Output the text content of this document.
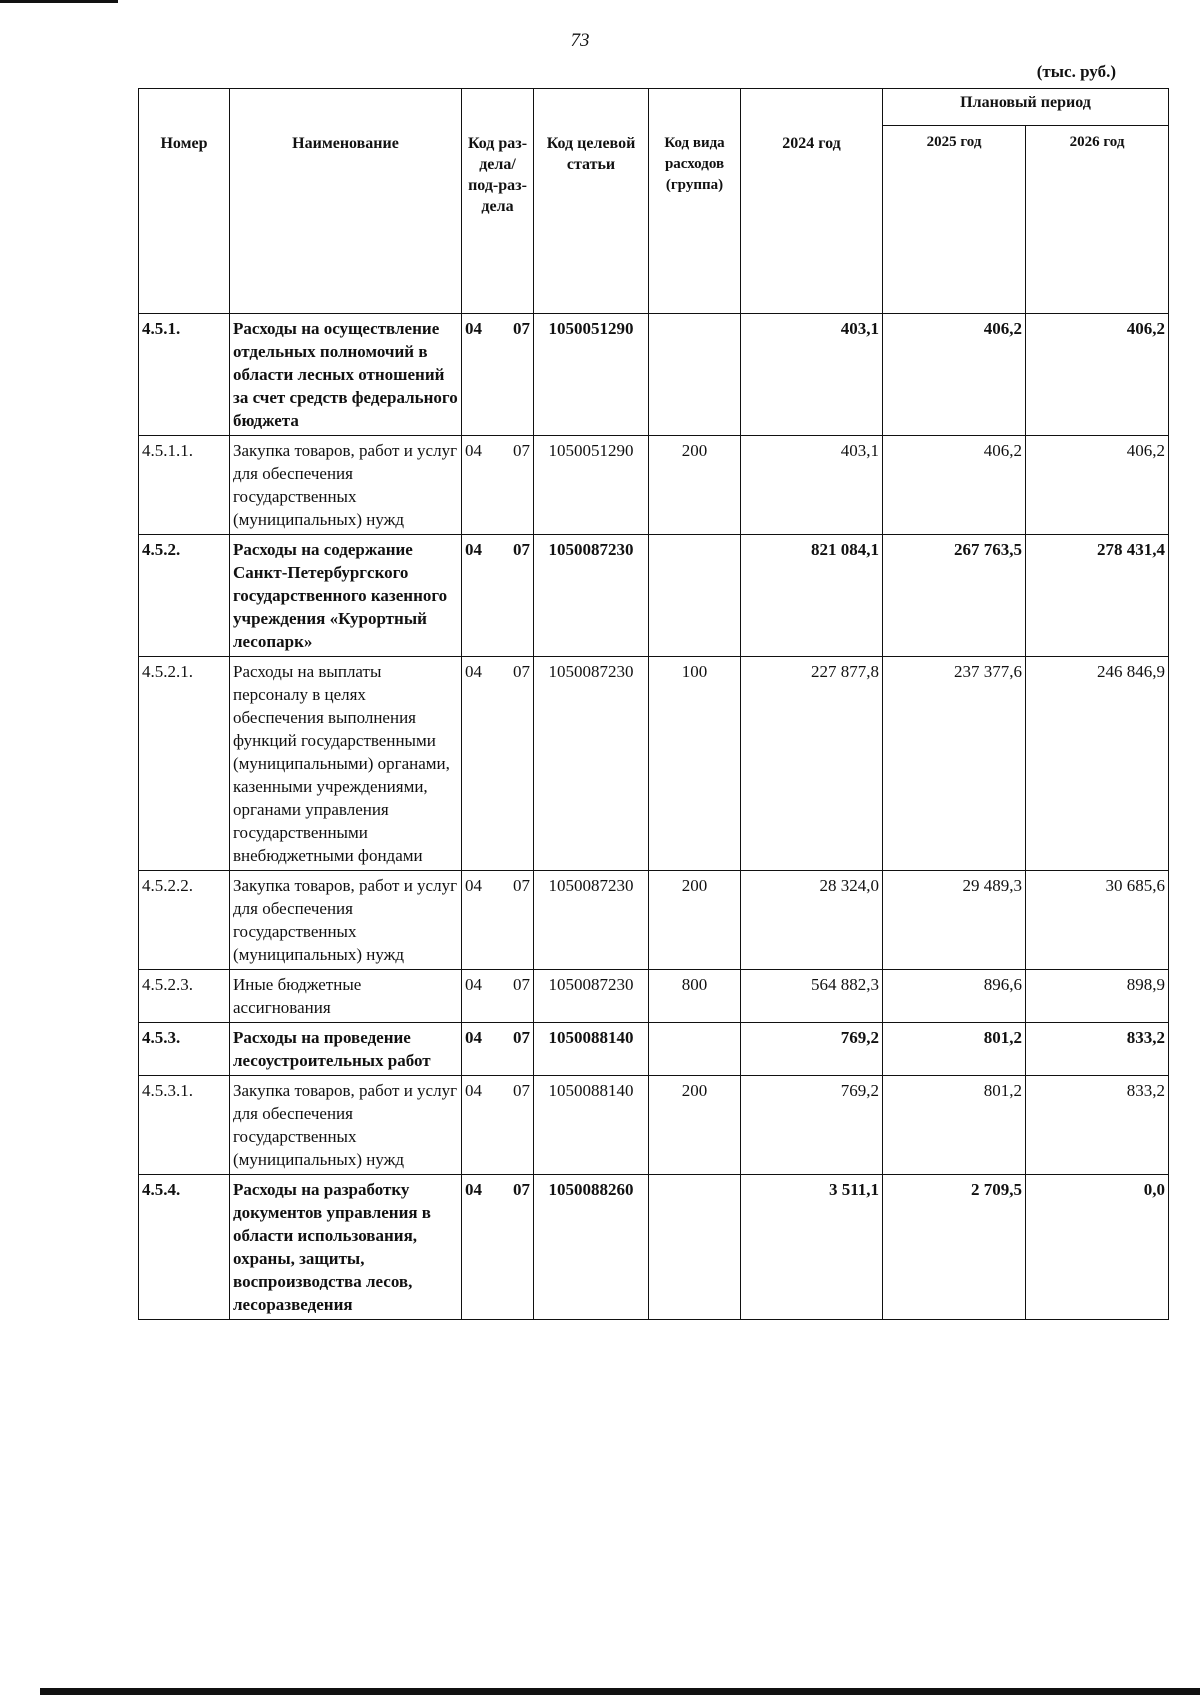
73
(тыс. руб.)
Номер	Наименование	Код раз-дела/ под-раз-дела	Код целевой статьи	Код вида расходов (группа)	2024 год	Плановый период	
						2025 год	2026 год
4.5.1.	Расходы на осуществление отдельных полномочий в области лесных отношений за счет средств федерального бюджета	04 07	1050051290		403,1	406,2	406,2
4.5.1.1.	Закупка товаров, работ и услуг для обеспечения государственных (муниципальных) нужд	04 07	1050051290	200	403,1	406,2	406,2
4.5.2.	Расходы на содержание Санкт-Петербургского государственного казенного учреждения «Курортный лесопарк»	04 07	1050087230		821 084,1	267 763,5	278 431,4
4.5.2.1.	Расходы на выплаты персоналу в целях обеспечения выполнения функций государственными (муниципальными) органами, казенными учреждениями, органами управления государственными внебюджетными фондами	04 07	1050087230	100	227 877,8	237 377,6	246 846,9
4.5.2.2.	Закупка товаров, работ и услуг для обеспечения государственных (муниципальных) нужд	04 07	1050087230	200	28 324,0	29 489,3	30 685,6
4.5.2.3.	Иные бюджетные ассигнования	04 07	1050087230	800	564 882,3	896,6	898,9
4.5.3.	Расходы на проведение лесоустроительных работ	04 07	1050088140		769,2	801,2	833,2
4.5.3.1.	Закупка товаров, работ и услуг для обеспечения государственных (муниципальных) нужд	04 07	1050088140	200	769,2	801,2	833,2
4.5.4.	Расходы на разработку документов управления в области использования, охраны, защиты, воспроизводства лесов, лесоразведения	04 07	1050088260		3 511,1	2 709,5	0,0
